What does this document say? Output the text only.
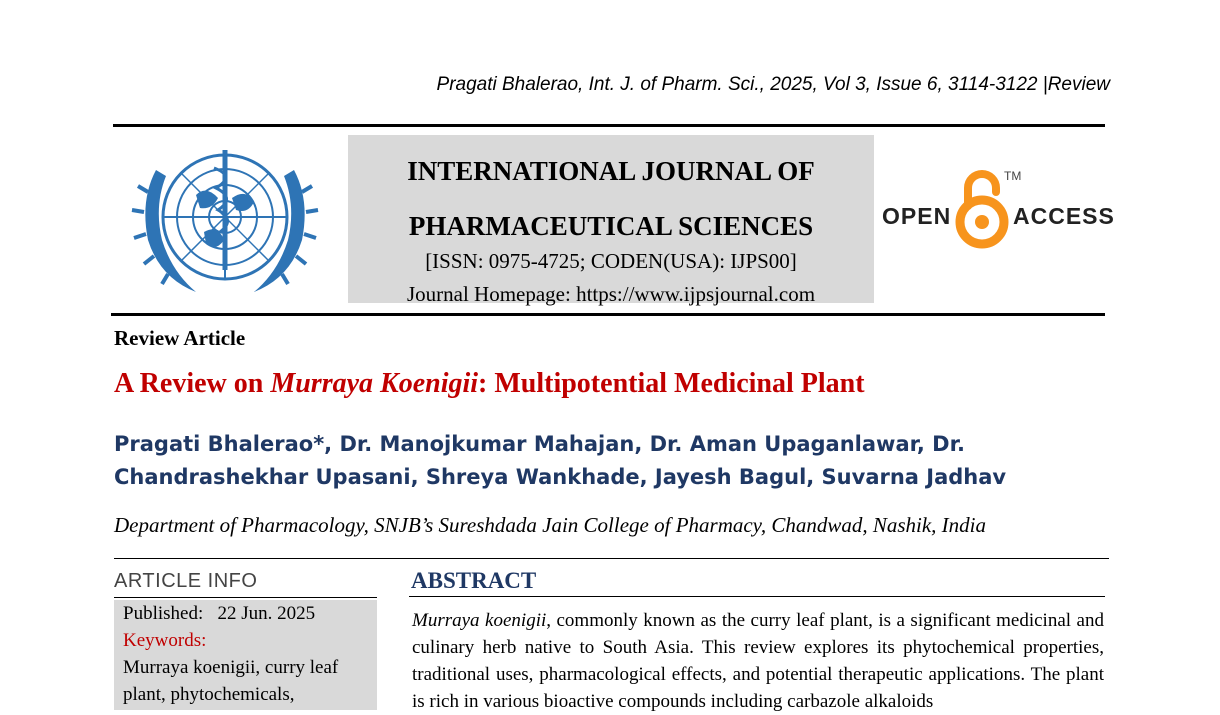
Pragati Bhalerao, Int. J. of Pharm. Sci., 2025, Vol 3, Issue 6, 3114-3122 |Review
INTERNATIONAL JOURNAL OF
PHARMACEUTICAL SCIENCES
[ISSN: 0975-4725; CODEN(USA): IJPS00]
Journal Homepage: https://www.ijpsjournal.com
OPEN
TM
ACCESS
Review Article
A Review on Murraya Koenigii: Multipotential Medicinal Plant
Pragati Bhalerao*, Dr. Manojkumar Mahajan, Dr. Aman Upaganlawar, Dr.
Chandrashekhar Upasani, Shreya Wankhade, Jayesh Bagul, Suvarna Jadhav
Department of Pharmacology, SNJB’s Sureshdada Jain College of Pharmacy, Chandwad, Nashik, India
ARTICLE INFO
Published: 22 Jun. 2025
Keywords:
Murraya koenigii, curry leaf
plant, phytochemicals,
ABSTRACT
Murraya koenigii, commonly known as the curry leaf plant, is a significant medicinal and culinary herb native to South Asia. This review explores its phytochemical properties, traditional uses, pharmacological effects, and potential therapeutic applications. The plant is rich in various bioactive compounds including carbazole alkaloids
